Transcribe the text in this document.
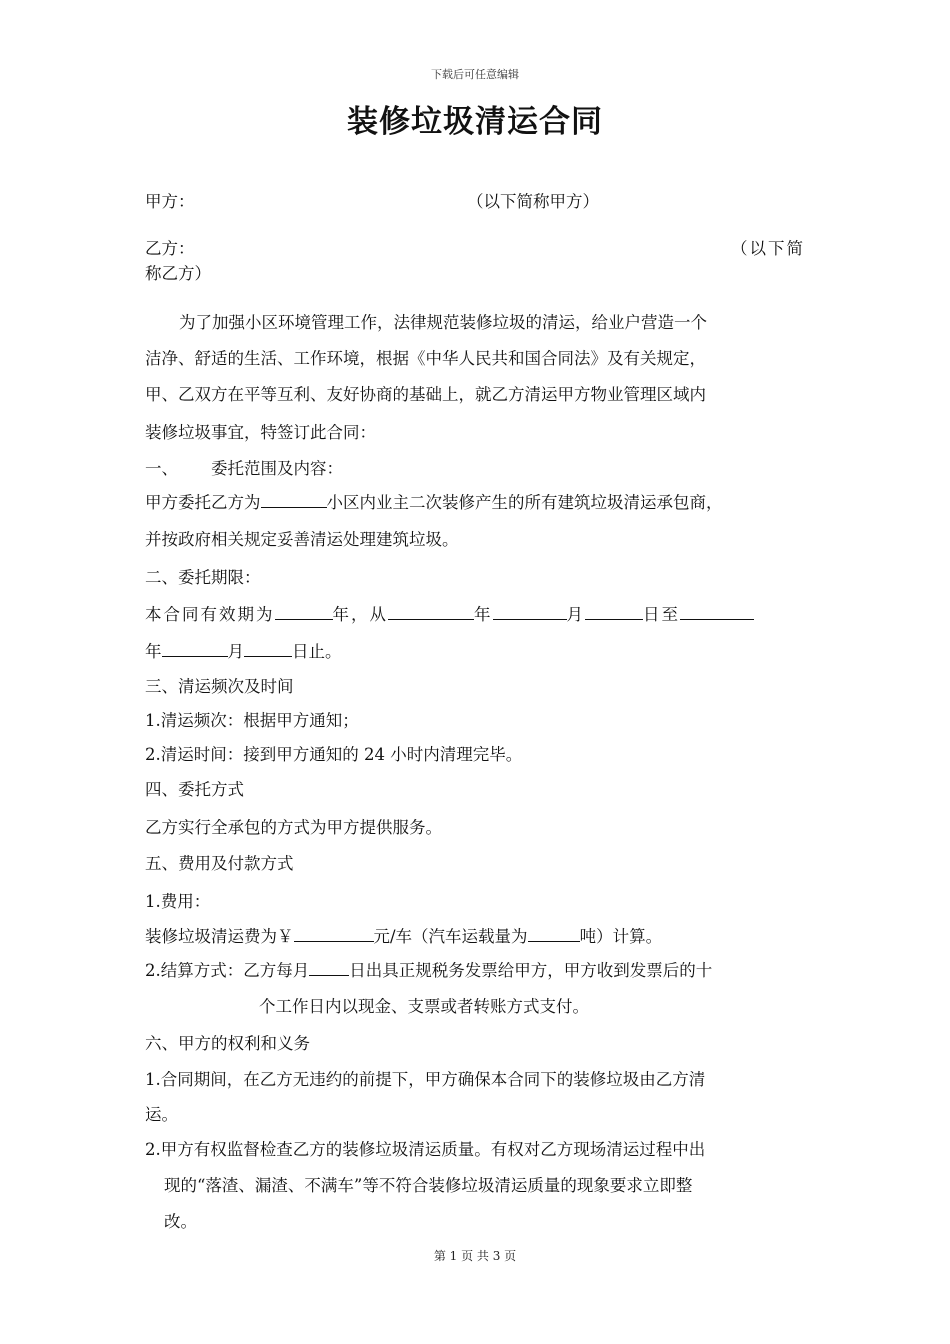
下载后可任意编辑
装修垃圾清运合同
甲方：	（以下简称甲方）
乙方：	（以下简
称乙方）
为了加强小区环境管理工作，法律规范装修垃圾的清运，给业户营造一个
洁净、舒适的生活、工作环境，根据《中华人民共和国合同法》及有关规定，
甲、乙双方在平等互利、友好协商的基础上，就乙方清运甲方物业管理区域内
装修垃圾事宜，特签订此合同：
一、 委托范围及内容：
甲方委托乙方为	小区内业主二次装修产生的所有建筑垃圾清运承包商，
并按政府相关规定妥善清运处理建筑垃圾。
二、委托期限：
本合同有效期为	年，从	年	月	日至
年	月	日止。
三、清运频次及时间
1.清运频次：根据甲方通知；
2.清运时间：接到甲方通知的 24 小时内清理完毕。
四、委托方式
乙方实行全承包的方式为甲方提供服务。
五、费用及付款方式
1.费用：
装修垃圾清运费为￥	元/车（汽车运载量为	吨）计算。
2.结算方式：乙方每月 日出具正规税务发票给甲方，甲方收到发票后的十
个工作日内以现金、支票或者转账方式支付。
六、甲方的权利和义务
1.合同期间，在乙方无违约的前提下，甲方确保本合同下的装修垃圾由乙方清
运。
2.甲方有权监督检查乙方的装修垃圾清运质量。有权对乙方现场清运过程中出
现的“落渣、漏渣、不满车”等不符合装修垃圾清运质量的现象要求立即整
改。
第 1 页 共 3 页
